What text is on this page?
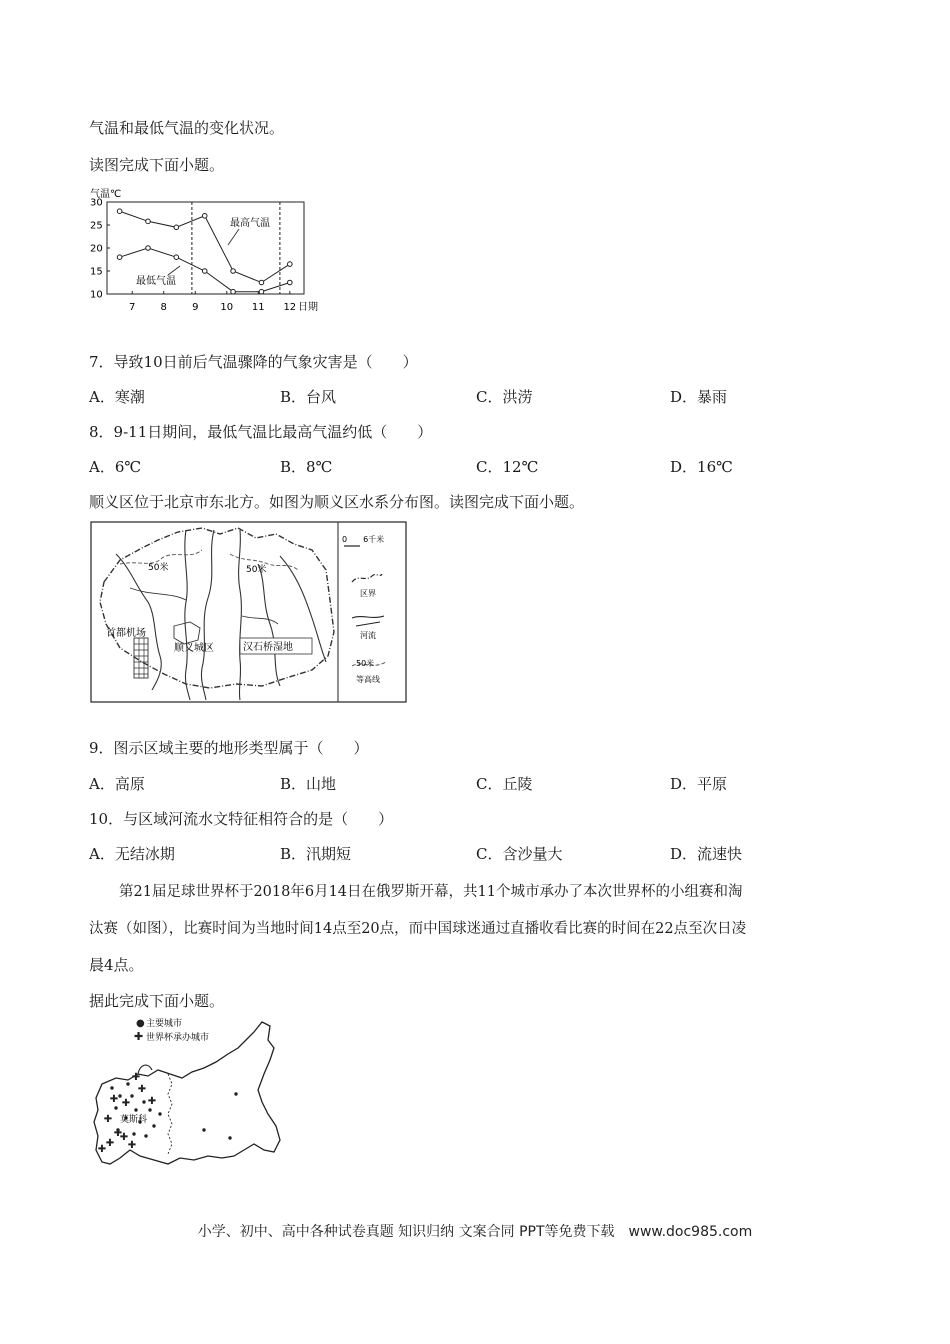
气温和最低气温的变化状况。
读图完成下面小题。
气温℃
30
25
20
15
10
7	8	9 10 11 12
最高气温
最低气温
日期
7．导致10日前后气温骤降的气象灾害是（　　）
A．寒潮	B．台风	C．洪涝	D．暴雨
8．9-11日期间，最低气温比最高气温约低（　　）
A．6℃	B．8℃	C．12℃	D．16℃
顺义区位于北京市东北方。如图为顺义区水系分布图。读图完成下面小题。
50米	50米
首都机场
顺义城区	汉石桥湿地
0　　6千米
区界
河流
50米
等高线
9．图示区域主要的地形类型属于（　　）
A．高原	B．山地	C．丘陵	D．平原
10．与区域河流水文特征相符合的是（　　）
A．无结冰期	B．汛期短	C．含沙量大	D．流速快
第21届足球世界杯于2018年6月14日在俄罗斯开幕，共11个城市承办了本次世界杯的小组赛和淘
汰赛（如图），比赛时间为当地时间14点至20点，而中国球迷通过直播收看比赛的时间在22点至次日凌
晨4点。
据此完成下面小题。
● 主要城市
✚ 世界杯承办城市
✚ ✚
✚
✚
✚
✚
✚ ✚
✚
✚
✚
莫斯科
小学、初中、高中各种试卷真题 知识归纳 文案合同 PPT等免费下载　www.doc985.com
